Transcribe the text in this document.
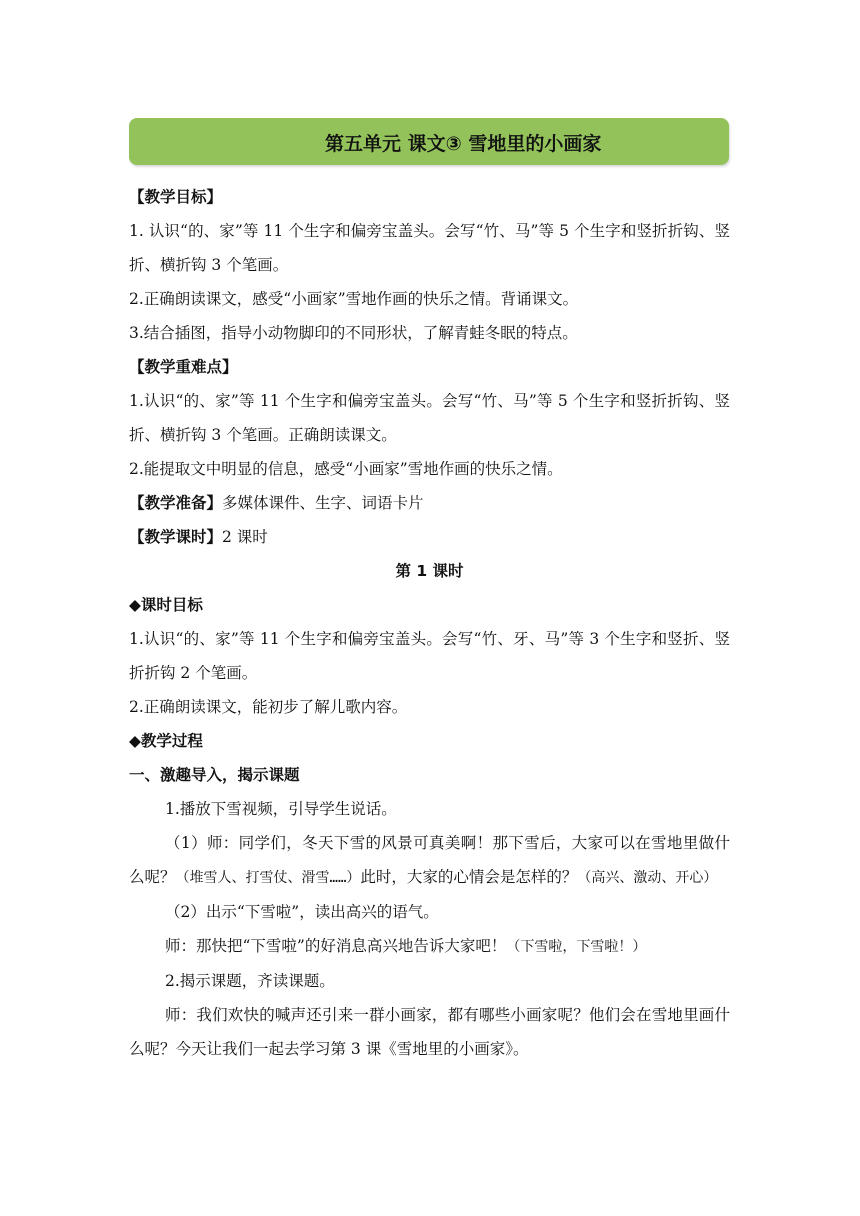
第五单元 课文③ 雪地里的小画家

【教学目标】

1. 认识“的、家”等 11 个生字和偏旁宝盖头。会写“竹、马”等 5 个生字和竖折折钩、竖折、横折钩 3 个笔画。

2.正确朗读课文，感受“小画家”雪地作画的快乐之情。背诵课文。

3.结合插图，指导小动物脚印的不同形状，了解青蛙冬眠的特点。

【教学重难点】

1.认识“的、家”等 11 个生字和偏旁宝盖头。会写“竹、马”等 5 个生字和竖折折钩、竖折、横折钩 3 个笔画。正确朗读课文。

2.能提取文中明显的信息，感受“小画家”雪地作画的快乐之情。

【教学准备】多媒体课件、生字、词语卡片

【教学课时】2 课时

第 1 课时

◆课时目标

1.认识“的、家”等 11 个生字和偏旁宝盖头。会写“竹、牙、马”等 3 个生字和竖折、竖折折钩 2 个笔画。

2.正确朗读课文，能初步了解儿歌内容。

◆教学过程

一、激趣导入，揭示课题

1.播放下雪视频，引导学生说话。

（1）师：同学们，冬天下雪的风景可真美啊！那下雪后，大家可以在雪地里做什么呢？（堆雪人、打雪仗、滑雪……）此时，大家的心情会是怎样的？（高兴、激动、开心）

（2）出示“下雪啦”，读出高兴的语气。

师：那快把“下雪啦”的好消息高兴地告诉大家吧！（下雪啦，下雪啦！）

2.揭示课题，齐读课题。

师：我们欢快的喊声还引来一群小画家，都有哪些小画家呢？他们会在雪地里画什么呢？今天让我们一起去学习第 3 课《雪地里的小画家》。
